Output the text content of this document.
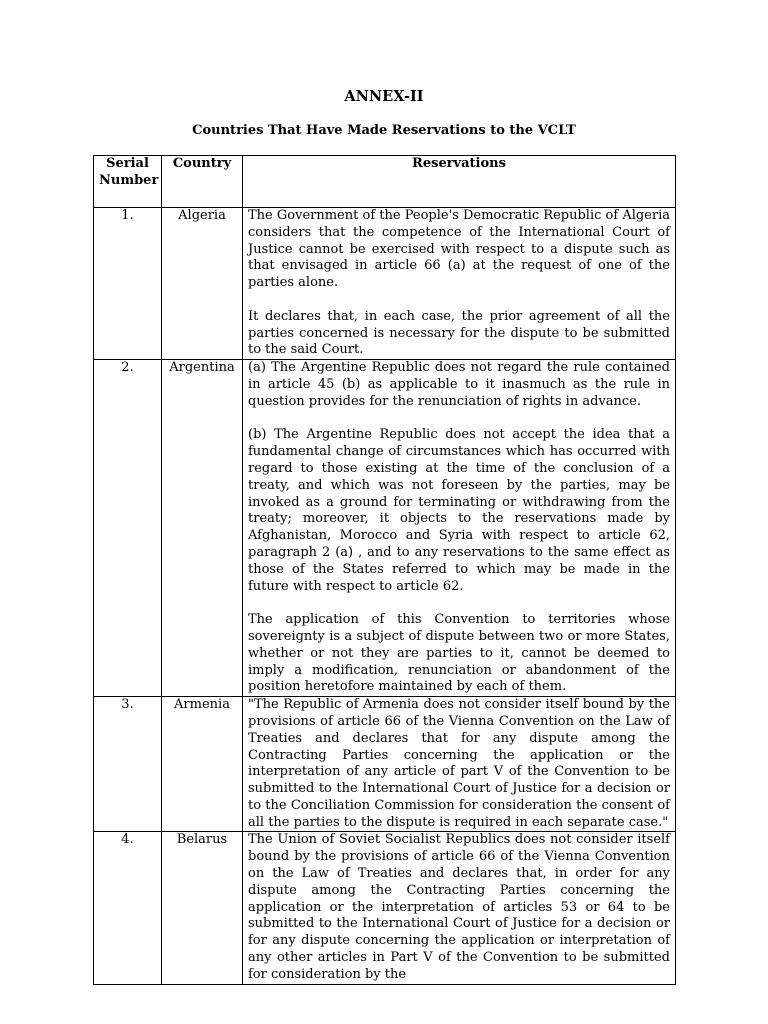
ANNEX-II
Countries That Have Made Reservations to the VCLT
Serial Number	Country	Reservations
1.	Algeria	The Government of the People's Democratic Republic of Algeria considers that the competence of the International Court of Justice cannot be exercised with respect to a dispute such as that envisaged in article 66 (a) at the request of one of the parties alone.

It declares that, in each case, the prior agreement of all the parties concerned is necessary for the dispute to be submitted to the said Court.

2.	Argentina	(a) The Argentine Republic does not regard the rule contained in article 45 (b) as applicable to it inasmuch as the rule in question provides for the renunciation of rights in advance.

(b) The Argentine Republic does not accept the idea that a fundamental change of circumstances which has occurred with regard to those existing at the time of the conclusion of a treaty, and which was not foreseen by the parties, may be invoked as a ground for terminating or withdrawing from the treaty; moreover, it objects to the reservations made by Afghanistan, Morocco and Syria with respect to article 62, paragraph 2 (a) , and to any reservations to the same effect as those of the States referred to which may be made in the future with respect to article 62.

The application of this Convention to territories whose sovereignty is a subject of dispute between two or more States, whether or not they are parties to it, cannot be deemed to imply a modification, renunciation or abandonment of the position heretofore maintained by each of them.

3.	Armenia	"The Republic of Armenia does not consider itself bound by the provisions of article 66 of the Vienna Convention on the Law of Treaties and declares that for any dispute among the Contracting Parties concerning the application or the interpretation of any article of part V of the Convention to be submitted to the International Court of Justice for a decision or to the Conciliation Commission for consideration the consent of all the parties to the dispute is required in each separate case."

4.	Belarus	The Union of Soviet Socialist Republics does not consider itself bound by the provisions of article 66 of the Vienna Convention on the Law of Treaties and declares that, in order for any dispute among the Contracting Parties concerning the application or the interpretation of articles 53 or 64 to be submitted to the International Court of Justice for a decision or for any dispute concerning the application or interpretation of any other articles in Part V of the Convention to be submitted for consideration by the
